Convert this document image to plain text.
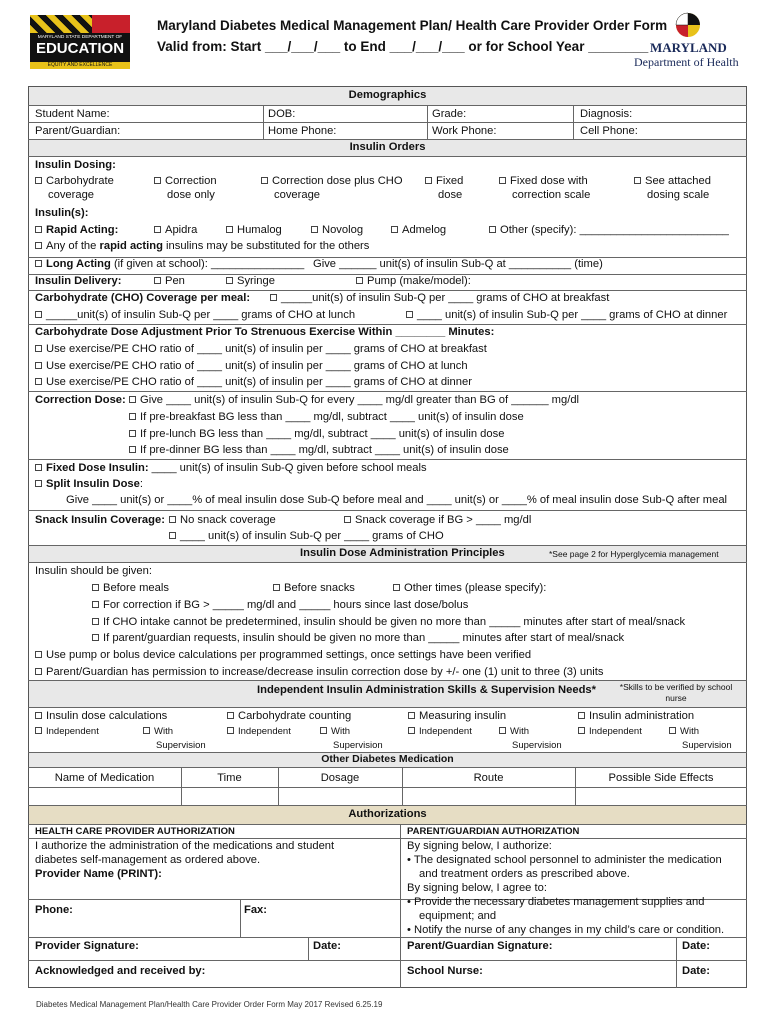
MARYLAND STATE DEPARTMENT OF
EDUCATION
EQUITY AND EXCELLENCE
Maryland Diabetes Medical Management Plan/ Health Care Provider Order Form
Valid from: Start ___/___/___ to End ___/___/___ or for School Year ________ MARYLAND
Department of Health
Demographics
Student Name:	DOB:	Grade:	Diagnosis:
Parent/Guardian:	Home Phone:	Work Phone:	Cell Phone:
Insulin Orders
Insulin Dosing:
Carbohydrate
coverage
Correction
dose only
Correction dose plus CHO
coverage
Fixed
dose
Fixed dose with
correction scale
See attached
dosing scale
Insulin(s):
Rapid Acting:	Apidra	Humalog	Novolog	Admelog	Other (specify): ________________________
Any of the rapid acting insulins may be substituted for the others
Long Acting (if given at school): _______________ Give ______ unit(s) of insulin Sub-Q at __________ (time)
Insulin Delivery:	Pen	Syringe	Pump (make/model):
Carbohydrate (CHO) Coverage per meal:	_____unit(s) of insulin Sub-Q per ____ grams of CHO at breakfast
_____unit(s) of insulin Sub-Q per ____ grams of CHO at lunch	____ unit(s) of insulin Sub-Q per ____ grams of CHO at dinner
Carbohydrate Dose Adjustment Prior To Strenuous Exercise Within ________ Minutes:
Use exercise/PE CHO ratio of ____ unit(s) of insulin per ____ grams of CHO at breakfast
Use exercise/PE CHO ratio of ____ unit(s) of insulin per ____ grams of CHO at lunch
Use exercise/PE CHO ratio of ____ unit(s) of insulin per ____ grams of CHO at dinner
Correction Dose:	Give ____ unit(s) of insulin Sub-Q for every ____ mg/dl greater than BG of ______ mg/dl
If pre-breakfast BG less than ____ mg/dl, subtract ____ unit(s) of insulin dose
If pre-lunch BG less than ____ mg/dl, subtract ____ unit(s) of insulin dose
If pre-dinner BG less than ____ mg/dl, subtract ____ unit(s) of insulin dose
Fixed Dose Insulin: ____ unit(s) of insulin Sub-Q given before school meals
Split Insulin Dose:
Give ____ unit(s) or ____% of meal insulin dose Sub-Q before meal and ____ unit(s) or ____% of meal insulin dose Sub-Q after meal
Snack Insulin Coverage:	No snack coverage	Snack coverage if BG > ____ mg/dl
____ unit(s) of insulin Sub-Q per ____ grams of CHO
Insulin Dose Administration Principles	*See page 2 for Hyperglycemia management
Insulin should be given:
Before meals	Before snacks	Other times (please specify):
For correction if BG > _____ mg/dl and _____ hours since last dose/bolus
If CHO intake cannot be predetermined, insulin should be given no more than _____ minutes after start of meal/snack
If parent/guardian requests, insulin should be given no more than _____ minutes after start of meal/snack
Use pump or bolus device calculations per programmed settings, once settings have been verified
Parent/Guardian has permission to increase/decrease insulin correction dose by +/- one (1) unit to three (3) units
Independent Insulin Administration Skills & Supervision Needs*	*Skills to be verified by school nurse
Insulin dose calculations	Carbohydrate counting	Measuring insulin	Insulin administration
Independent	With
Supervision
Independent	With
Supervision
Independent	With
Supervision
Independent	With
Supervision
Other Diabetes Medication
Name of Medication	Time	Dosage	Route	Possible Side Effects
Authorizations
HEALTH CARE PROVIDER AUTHORIZATION
I authorize the administration of the medications and student
diabetes self-management as ordered above.
Provider Name (PRINT):
Phone:	Fax:
Provider Signature:	Date:
Acknowledged and received by:
PARENT/GUARDIAN AUTHORIZATION
By signing below, I authorize:
• The designated school personnel to administer the medication
and treatment orders as prescribed above.
By signing below, I agree to:
• Provide the necessary diabetes management supplies and
equipment; and
• Notify the nurse of any changes in my child’s care or condition.
Parent/Guardian Signature:	Date:
School Nurse:	Date:
Diabetes Medical Management Plan/Health Care Provider Order Form May 2017 Revised 6.25.19
